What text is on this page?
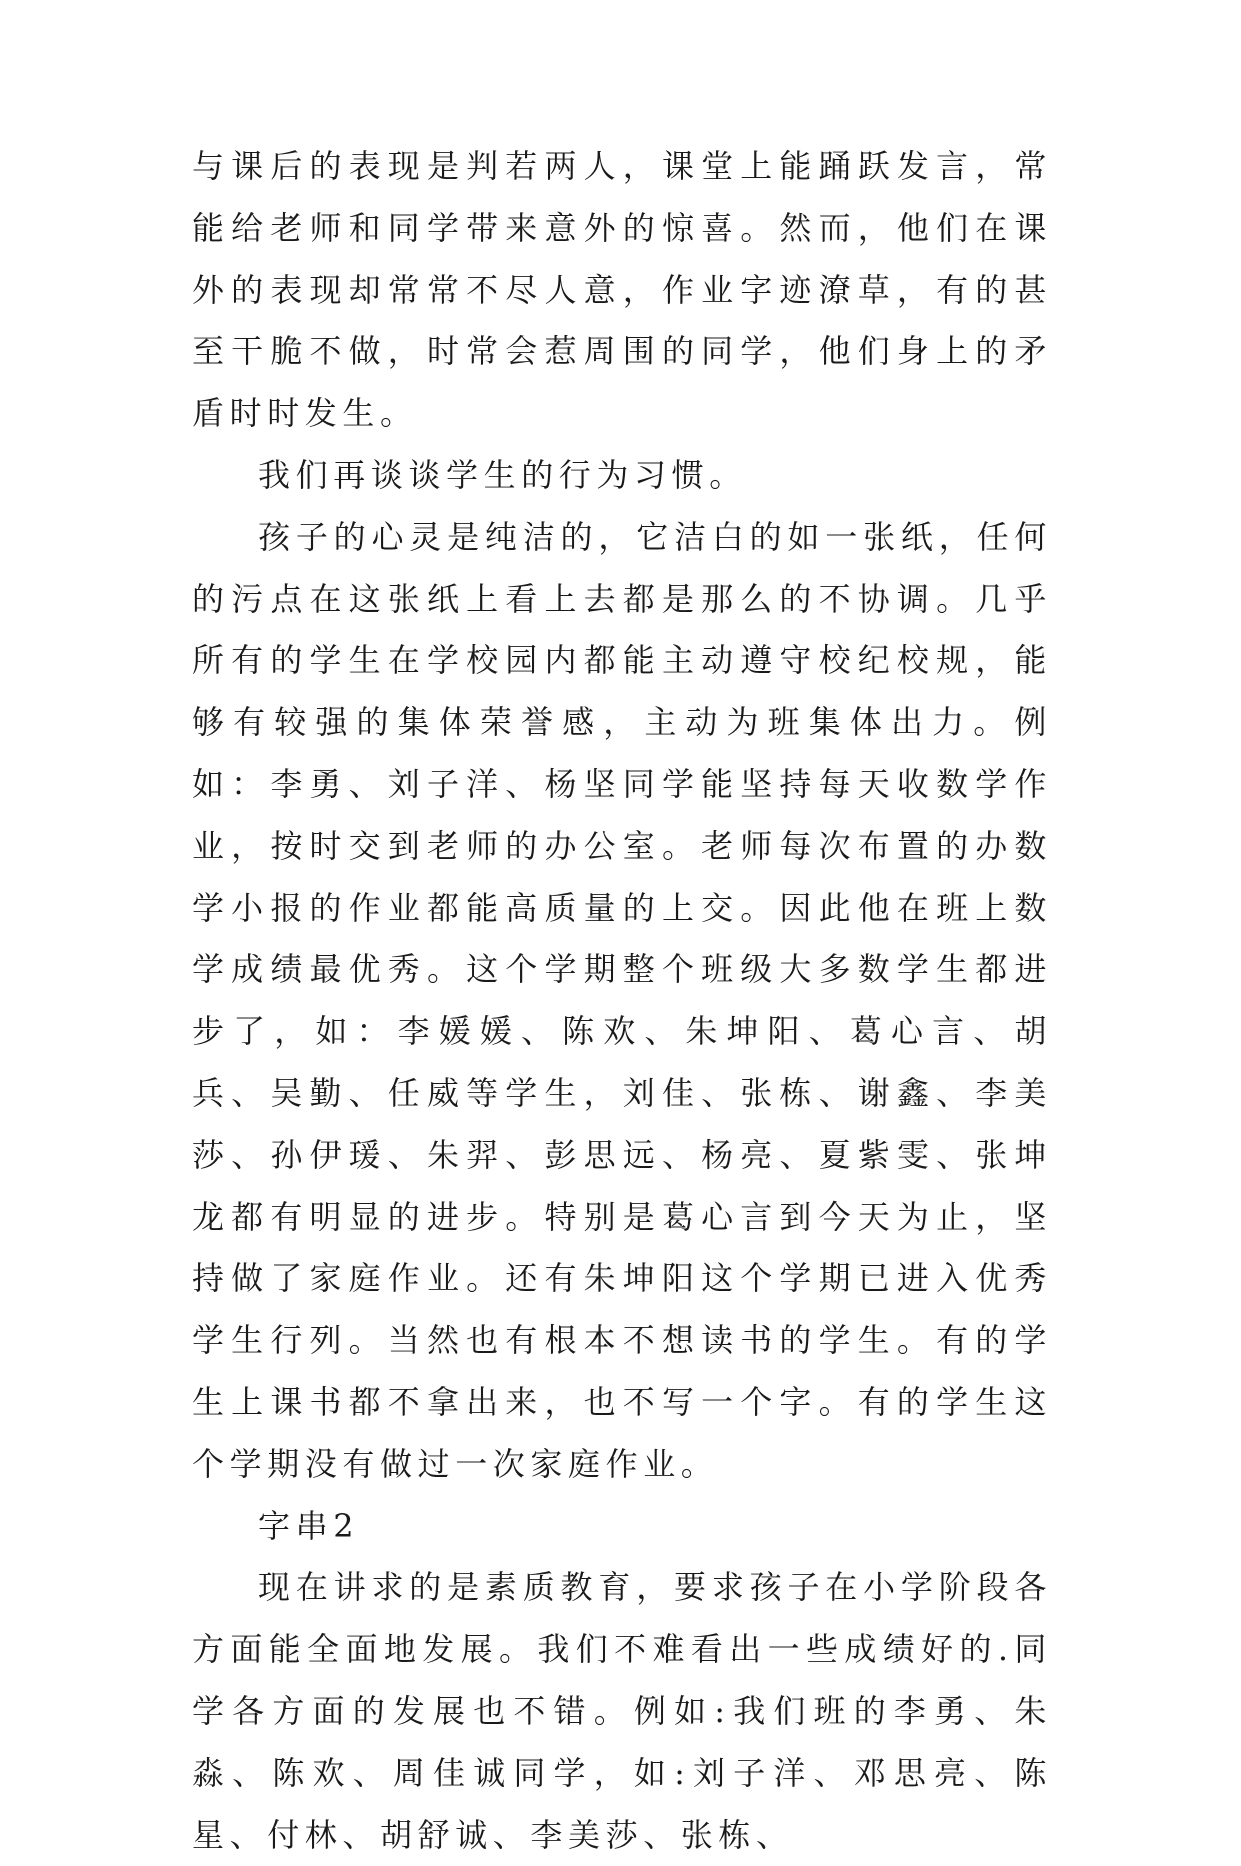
与课后的表现是判若两人，课堂上能踊跃发言，常能给老师和同学带来意外的惊喜。然而，他们在课外的表现却常常不尽人意，作业字迹潦草，有的甚至干脆不做，时常会惹周围的同学，他们身上的矛盾时时发生。

我们再谈谈学生的行为习惯。

孩子的心灵是纯洁的，它洁白的如一张纸，任何的污点在这张纸上看上去都是那么的不协调。几乎所有的学生在学校园内都能主动遵守校纪校规，能够有较强的集体荣誉感，主动为班集体出力。例如：李勇、刘子洋、杨坚同学能坚持每天收数学作业，按时交到老师的办公室。老师每次布置的办数学小报的作业都能高质量的上交。因此他在班上数学成绩最优秀。这个学期整个班级大多数学生都进步了，如：李媛媛、陈欢、朱坤阳、葛心言、胡兵、吴勤、任威等学生，刘佳、张栋、谢鑫、李美莎、孙伊瑗、朱羿、彭思远、杨亮、夏紫雯、张坤龙都有明显的进步。特别是葛心言到今天为止，坚持做了家庭作业。还有朱坤阳这个学期已进入优秀学生行列。当然也有根本不想读书的学生。有的学生上课书都不拿出来，也不写一个字。有的学生这个学期没有做过一次家庭作业。

字串2

现在讲求的是素质教育，要求孩子在小学阶段各方面能全面地发展。我们不难看出一些成绩好的.同学各方面的发展也不错。例如:我们班的李勇、朱淼、陈欢、周佳诚同学，如:刘子洋、邓思亮、陈星、付林、胡舒诚、李美莎、张栋、
